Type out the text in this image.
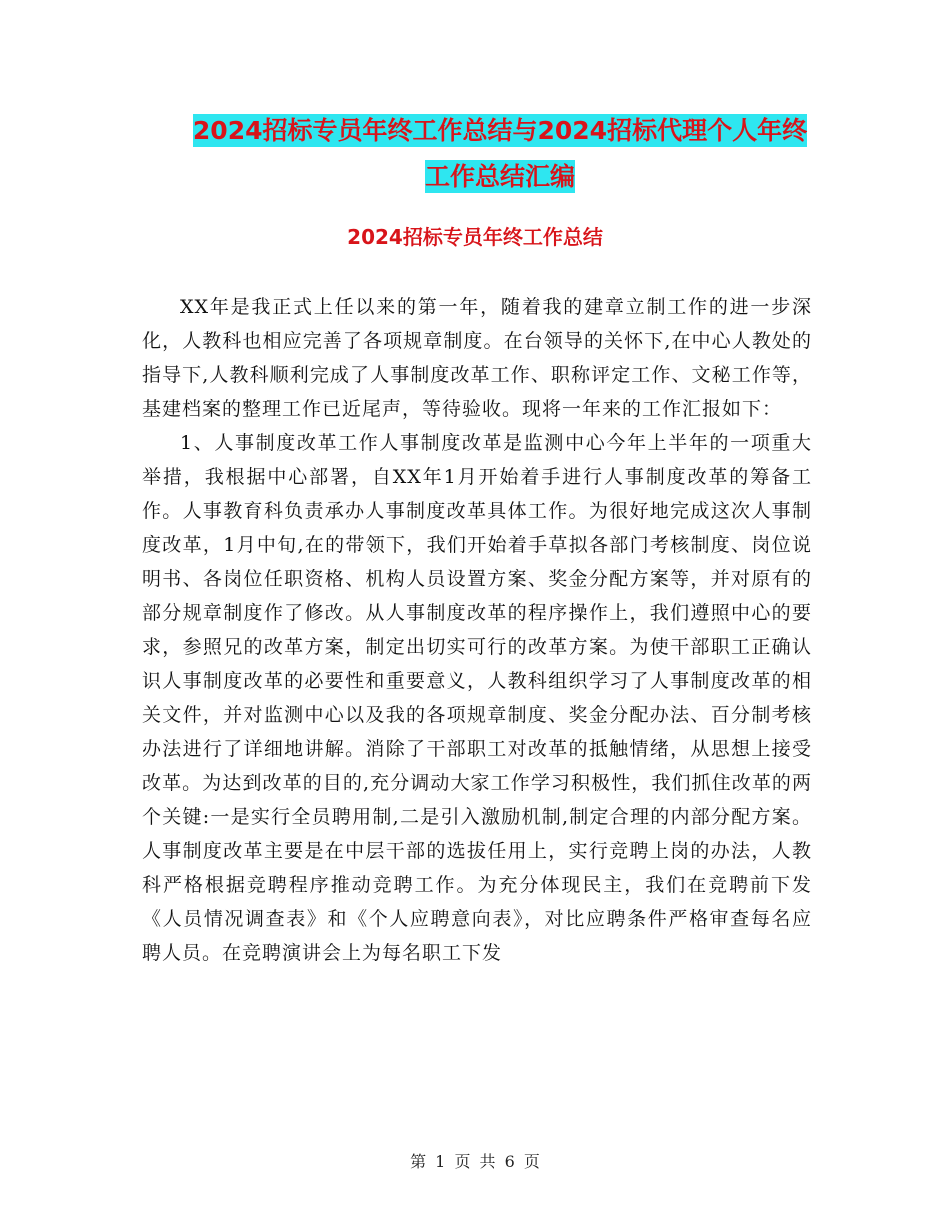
2024招标专员年终工作总结与2024招标代理个人年终
工作总结汇编
2024招标专员年终工作总结

XX年是我正式上任以来的第一年，随着我的建章立制工作的进一步深化，人教科也相应完善了各项规章制度。在台领导的关怀下,在中心人教处的指导下,人教科顺利完成了人事制度改革工作、职称评定工作、文秘工作等，基建档案的整理工作已近尾声，等待验收。现将一年来的工作汇报如下：

1、人事制度改革工作人事制度改革是监测中心今年上半年的一项重大举措，我根据中心部署，自XX年1月开始着手进行人事制度改革的筹备工作。人事教育科负责承办人事制度改革具体工作。为很好地完成这次人事制度改革，1月中旬,在的带领下，我们开始着手草拟各部门考核制度、岗位说明书、各岗位任职资格、机构人员设置方案、奖金分配方案等，并对原有的部分规章制度作了修改。从人事制度改革的程序操作上，我们遵照中心的要求，参照兄的改革方案，制定出切实可行的改革方案。为使干部职工正确认识人事制度改革的必要性和重要意义，人教科组织学习了人事制度改革的相关文件，并对监测中心以及我的各项规章制度、奖金分配办法、百分制考核办法进行了详细地讲解。消除了干部职工对改革的抵触情绪，从思想上接受改革。为达到改革的目的,充分调动大家工作学习积极性，我们抓住改革的两个关键:一是实行全员聘用制,二是引入激励机制,制定合理的内部分配方案。人事制度改革主要是在中层干部的选拔任用上，实行竞聘上岗的办法，人教科严格根据竞聘程序推动竞聘工作。为充分体现民主，我们在竞聘前下发《人员情况调查表》和《个人应聘意向表》，对比应聘条件严格审查每名应聘人员。在竞聘演讲会上为每名职工下发

第 1 页 共 6 页
